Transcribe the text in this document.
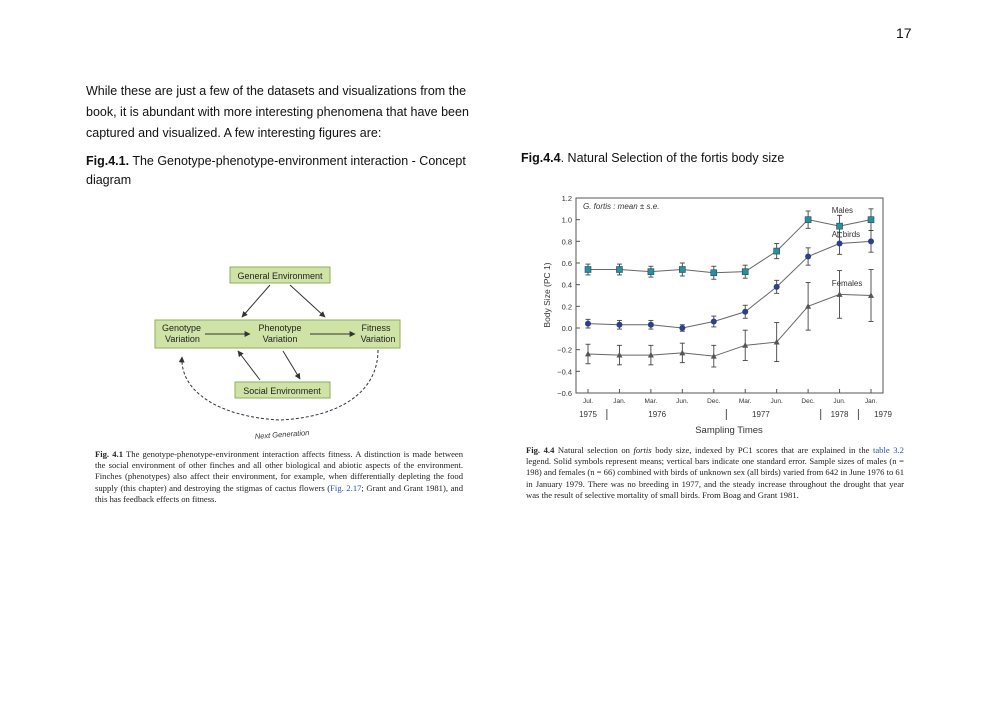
17
While these are just a few of the datasets and visualizations from the book, it is abundant with more interesting phenomena that have been captured and visualized. A few interesting figures are:
Fig.4.1. The Genotype-phenotype-environment interaction - Concept diagram
Fig.4.4. Natural Selection of the fortis body size
General Environment
Genotype
Variation
Phenotype
Variation
Fitness
Variation
Social Environment
Next Generation
Fig. 4.1 The genotype-phenotype-environment interaction affects fitness. A distinction is made between the social environment of other finches and all other biological and abiotic aspects of the environment. Finches (phenotypes) also affect their environment, for example, when differentially depleting the food supply (this chapter) and destroying the stigmas of cactus flowers (Fig. 2.17; Grant and Grant 1981), and this has feedback effects on fitness.
G. fortis : mean ± s.e.
Body Size (PC 1)
Sampling Times
1.2
1.0
0.8
0.6
0.4
0.2
0.0
−0.2
−0.4
−0.6
Jul.	Jan.	Mar.	Jun.	Dec.	Mar.	Jun.	Dec.	Jun.	Jan.
1975	1976	1977	1978	1979
Males
All birds
Females
Fig. 4.4 Natural selection on fortis body size, indexed by PC1 scores that are explained in the table 3.2 legend. Solid symbols represent means; vertical bars indicate one standard error. Sample sizes of males (n = 198) and females (n = 66) combined with birds of unknown sex (all birds) varied from 642 in June 1976 to 61 in January 1979. There was no breeding in 1977, and the steady increase throughout the drought that year was the result of selective mortality of small birds. From Boag and Grant 1981.
